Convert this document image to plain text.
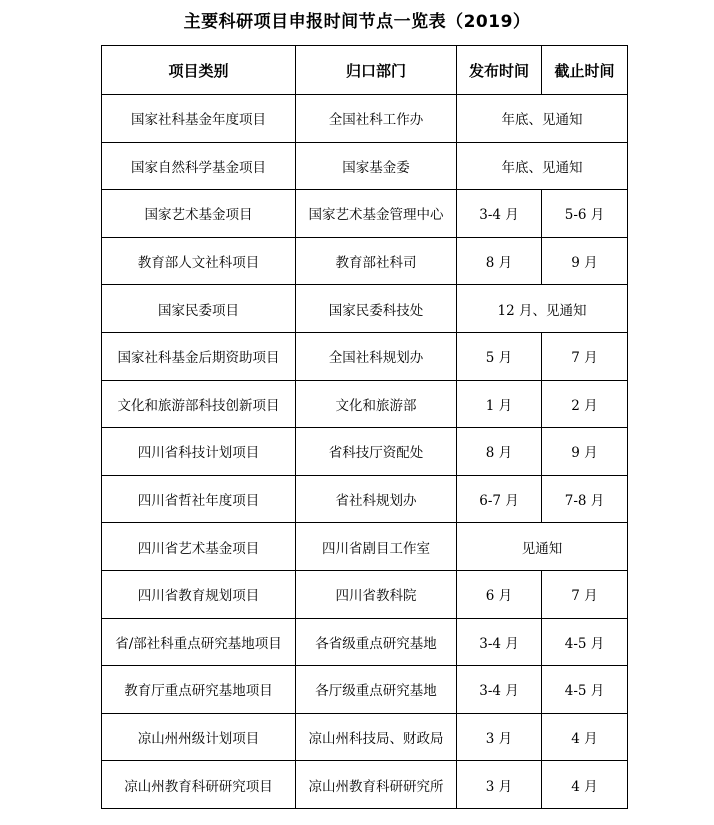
主要科研项目申报时间节点一览表（2019）
项目类别	归口部门	发布时间	截止时间
国家社科基金年度项目	全国社科工作办	年底、见通知	
国家自然科学基金项目	国家基金委	年底、见通知	
国家艺术基金项目	国家艺术基金管理中心	3-4 月	5-6 月
教育部人文社科项目	教育部社科司	8 月	9 月
国家民委项目	国家民委科技处	12 月、见通知	
国家社科基金后期资助项目	全国社科规划办	5 月	7 月
文化和旅游部科技创新项目	文化和旅游部	1 月	2 月
四川省科技计划项目	省科技厅资配处	8 月	9 月
四川省哲社年度项目	省社科规划办	6-7 月	7-8 月
四川省艺术基金项目	四川省剧目工作室	见通知	
四川省教育规划项目	四川省教科院	6 月	7 月
省/部社科重点研究基地项目	各省级重点研究基地	3-4 月	4-5 月
教育厅重点研究基地项目	各厅级重点研究基地	3-4 月	4-5 月
凉山州州级计划项目	凉山州科技局、财政局	3 月	4 月
凉山州教育科研研究项目	凉山州教育科研研究所	3 月	4 月
